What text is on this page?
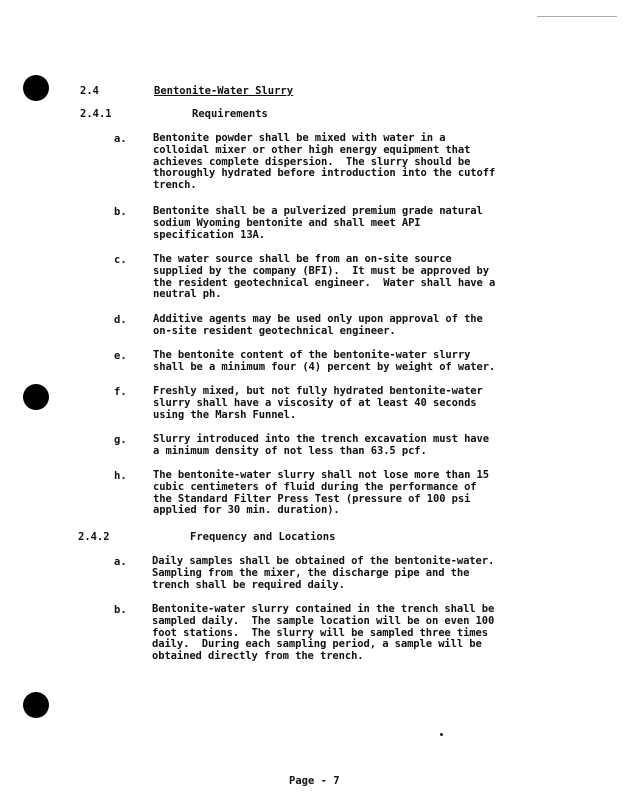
2.4	Bentonite-Water Slurry
2.4.1	Requirements
a.	Bentonite powder shall be mixed with water in a
colloidal mixer or other high energy equipment that
achieves complete dispersion.  The slurry should be
thoroughly hydrated before introduction into the cutoff
trench.
b.	Bentonite shall be a pulverized premium grade natural
sodium Wyoming bentonite and shall meet API
specification 13A.
c.	The water source shall be from an on-site source
supplied by the company (BFI).  It must be approved by
the resident geotechnical engineer.  Water shall have a
neutral ph.
d.	Additive agents may be used only upon approval of the
on-site resident geotechnical engineer.
e.	The bentonite content of the bentonite-water slurry
shall be a minimum four (4) percent by weight of water.
f.	Freshly mixed, but not fully hydrated bentonite-water
slurry shall have a viscosity of at least 40 seconds
using the Marsh Funnel.
g.	Slurry introduced into the trench excavation must have
a minimum density of not less than 63.5 pcf.
h.	The bentonite-water slurry shall not lose more than 15
cubic centimeters of fluid during the performance of
the Standard Filter Press Test (pressure of 100 psi
applied for 30 min. duration).
2.4.2	Frequency and Locations
a. Daily samples shall be obtained of the bentonite-water.
Sampling from the mixer, the discharge pipe and the
trench shall be required daily.
b. Bentonite-water slurry contained in the trench shall be
sampled daily.  The sample location will be on even 100
foot stations.  The slurry will be sampled three times
daily.  During each sampling period, a sample will be
obtained directly from the trench.
Page - 7
